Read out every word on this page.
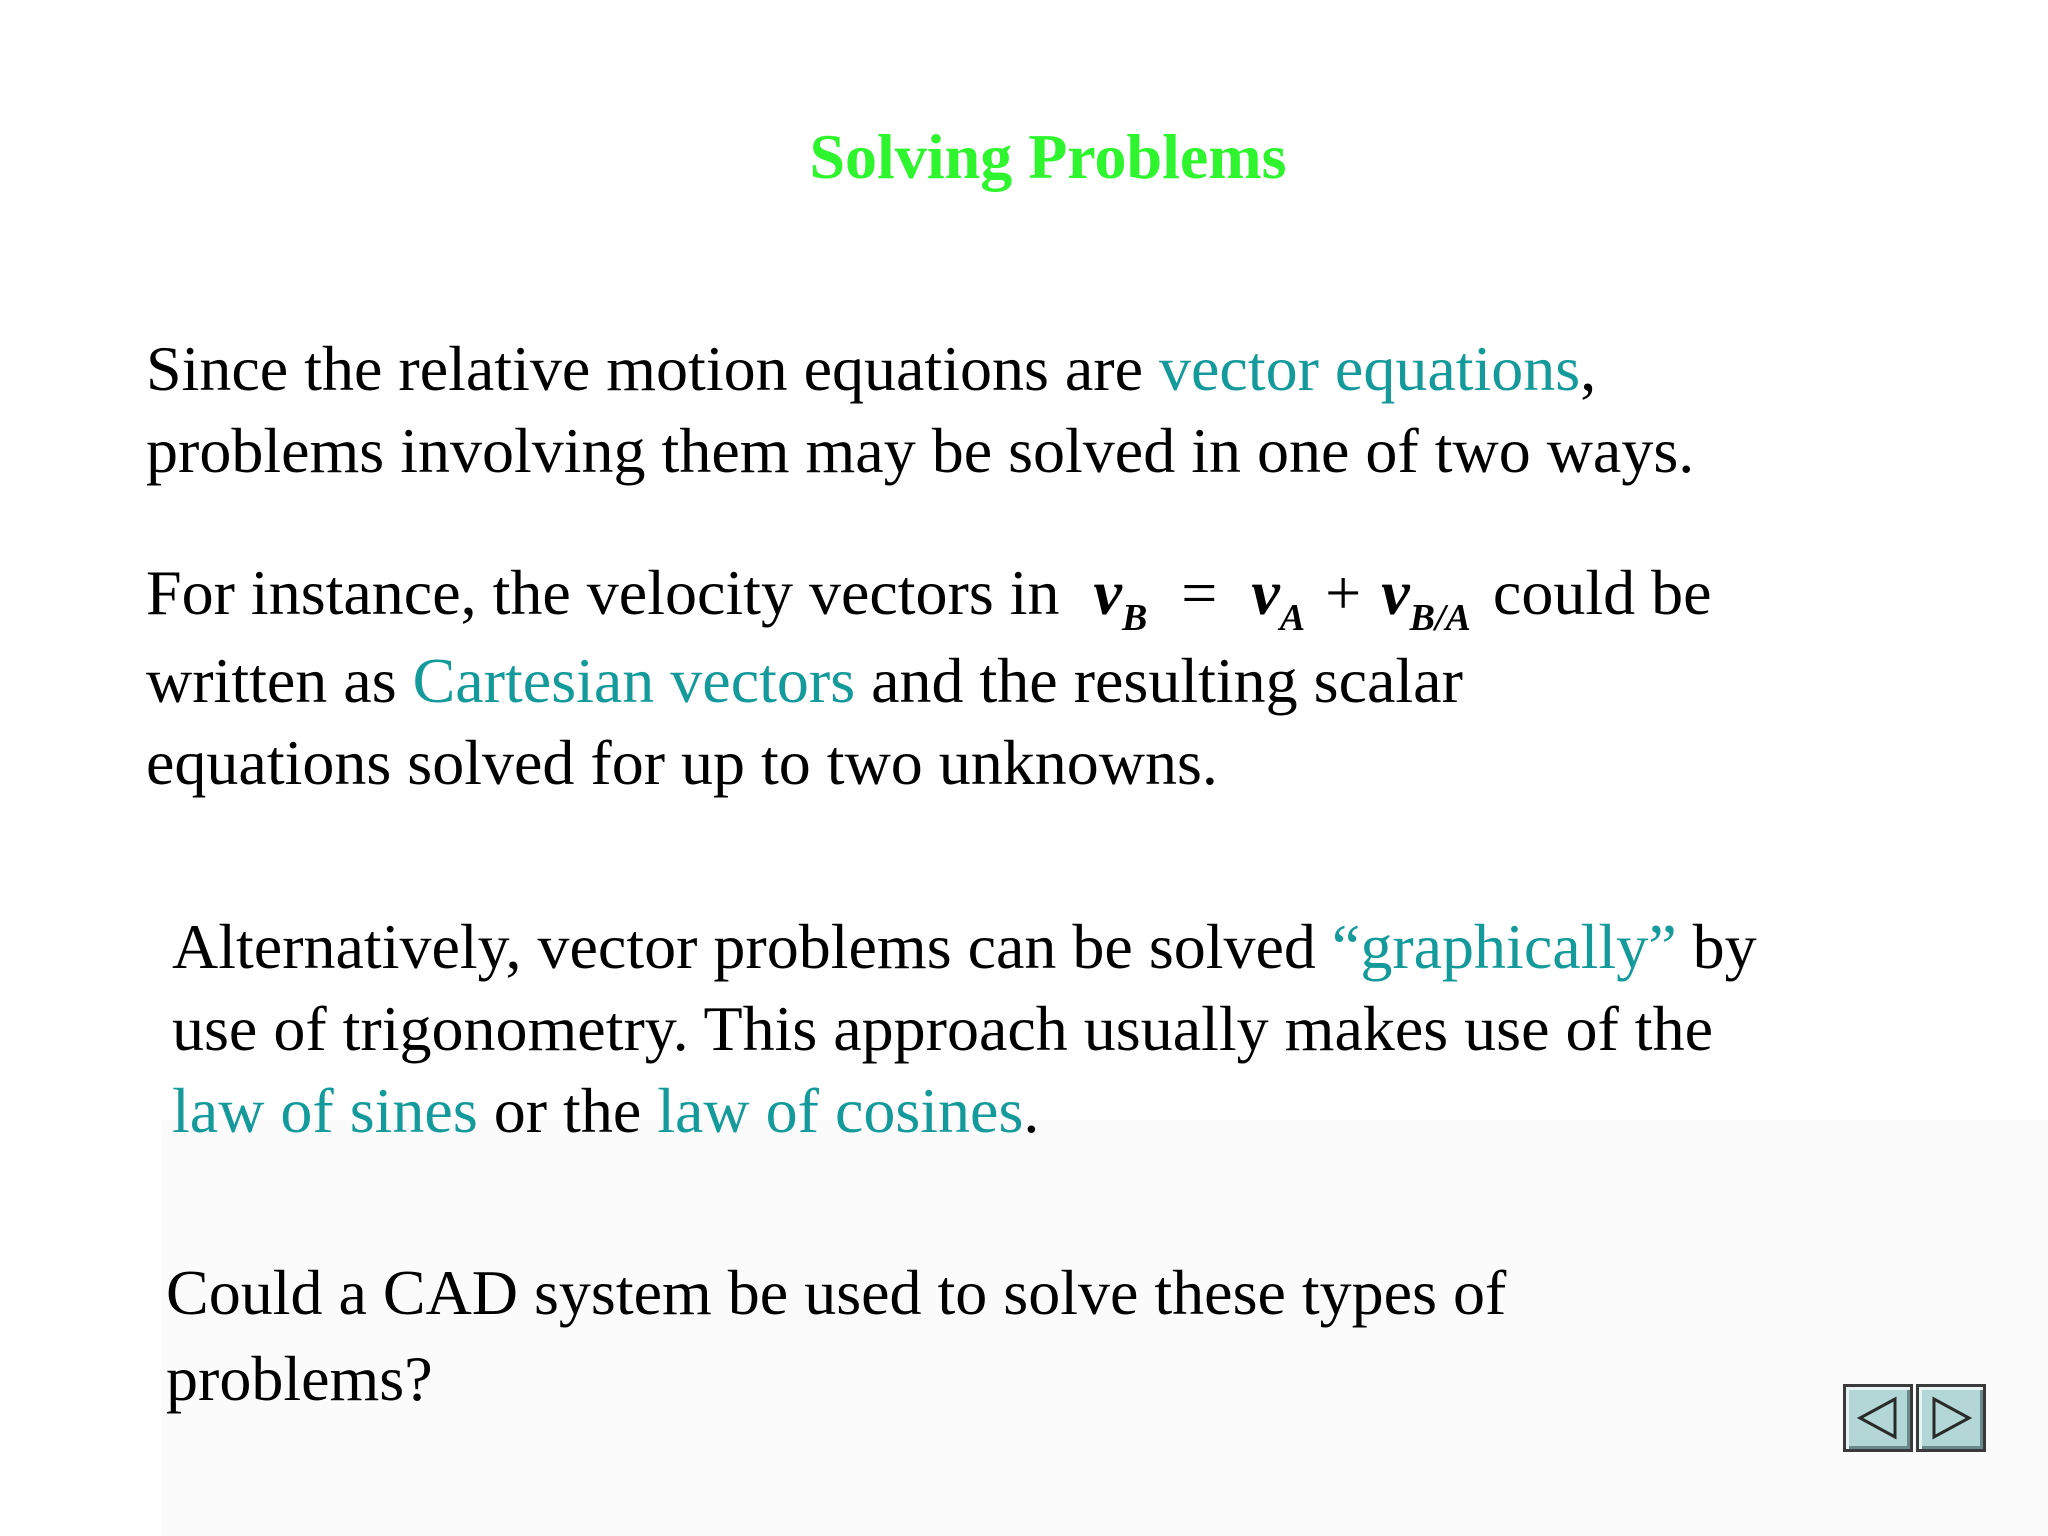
Solving Problems
Since the relative motion equations are vector equations,
problems involving them may be solved in one of two ways.
For instance, the velocity vectors in $v_B = v_A + v_{B/A}$ could be
written as Cartesian vectors and the resulting scalar
equations solved for up to two unknowns.
Alternatively, vector problems can be solved “graphically” by
use of trigonometry. This approach usually makes use of the
law of sines or the law of cosines.
Could a CAD system be used to solve these types of
problems?
